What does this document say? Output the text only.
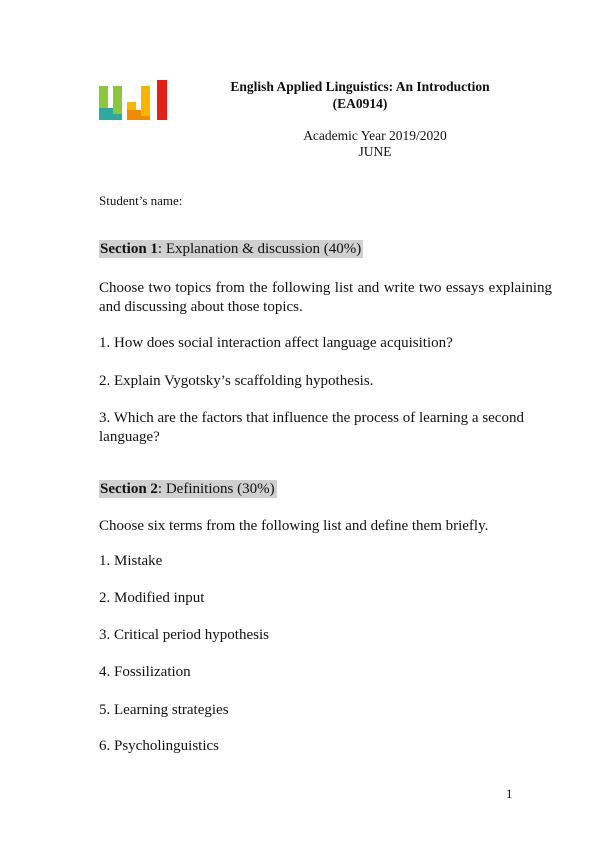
English Applied Linguistics: An Introduction
(EA0914)
Academic Year 2019/2020
JUNE
Student’s name:
Section 1: Explanation & discussion (40%)
Choose two topics from the following list and write two essays explaining and discussing about those topics.
1. How does social interaction affect language acquisition?
2. Explain Vygotsky’s scaffolding hypothesis.
3. Which are the factors that influence the process of learning a second language?
Section 2: Definitions (30%)
Choose six terms from the following list and define them briefly.
1. Mistake
2. Modified input
3. Critical period hypothesis
4. Fossilization
5. Learning strategies
6. Psycholinguistics
1
